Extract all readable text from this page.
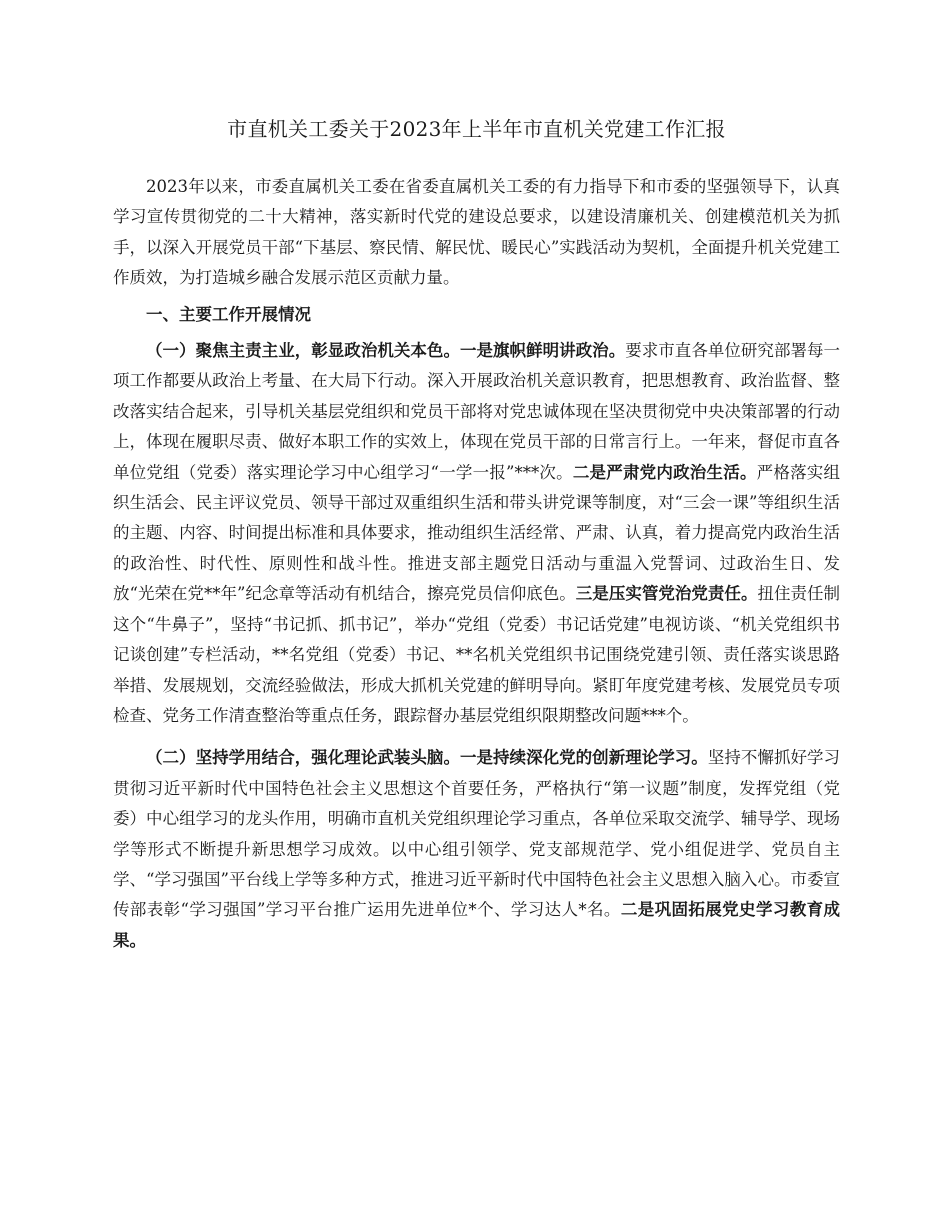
市直机关工委关于2023年上半年市直机关党建工作汇报

2023年以来，市委直属机关工委在省委直属机关工委的有力指导下和市委的坚强领导下，认真学习宣传贯彻党的二十大精神，落实新时代党的建设总要求，以建设清廉机关、创建模范机关为抓手，以深入开展党员干部“下基层、察民情、解民忧、暖民心”实践活动为契机，全面提升机关党建工作质效，为打造城乡融合发展示范区贡献力量。

一、主要工作开展情况

（一）聚焦主责主业，彰显政治机关本色。一是旗帜鲜明讲政治。要求市直各单位研究部署每一项工作都要从政治上考量、在大局下行动。深入开展政治机关意识教育，把思想教育、政治监督、整改落实结合起来，引导机关基层党组织和党员干部将对党忠诚体现在坚决贯彻党中央决策部署的行动上，体现在履职尽责、做好本职工作的实效上，体现在党员干部的日常言行上。一年来，督促市直各单位党组（党委）落实理论学习中心组学习“一学一报”***次。二是严肃党内政治生活。严格落实组织生活会、民主评议党员、领导干部过双重组织生活和带头讲党课等制度，对“三会一课”等组织生活的主题、内容、时间提出标准和具体要求，推动组织生活经常、严肃、认真，着力提高党内政治生活的政治性、时代性、原则性和战斗性。推进支部主题党日活动与重温入党誓词、过政治生日、发放“光荣在党**年”纪念章等活动有机结合，擦亮党员信仰底色。三是压实管党治党责任。扭住责任制这个“牛鼻子”，坚持“书记抓、抓书记”，举办“党组（党委）书记话党建”电视访谈、“机关党组织书记谈创建”专栏活动，**名党组（党委）书记、**名机关党组织书记围绕党建引领、责任落实谈思路举措、发展规划，交流经验做法，形成大抓机关党建的鲜明导向。紧盯年度党建考核、发展党员专项检查、党务工作清查整治等重点任务，跟踪督办基层党组织限期整改问题***个。

（二）坚持学用结合，强化理论武装头脑。一是持续深化党的创新理论学习。坚持不懈抓好学习贯彻习近平新时代中国特色社会主义思想这个首要任务，严格执行“第一议题”制度，发挥党组（党委）中心组学习的龙头作用，明确市直机关党组织理论学习重点，各单位采取交流学、辅导学、现场学等形式不断提升新思想学习成效。以中心组引领学、党支部规范学、党小组促进学、党员自主学、“学习强国”平台线上学等多种方式，推进习近平新时代中国特色社会主义思想入脑入心。市委宣传部表彰“学习强国”学习平台推广运用先进单位*个、学习达人*名。二是巩固拓展党史学习教育成果。
